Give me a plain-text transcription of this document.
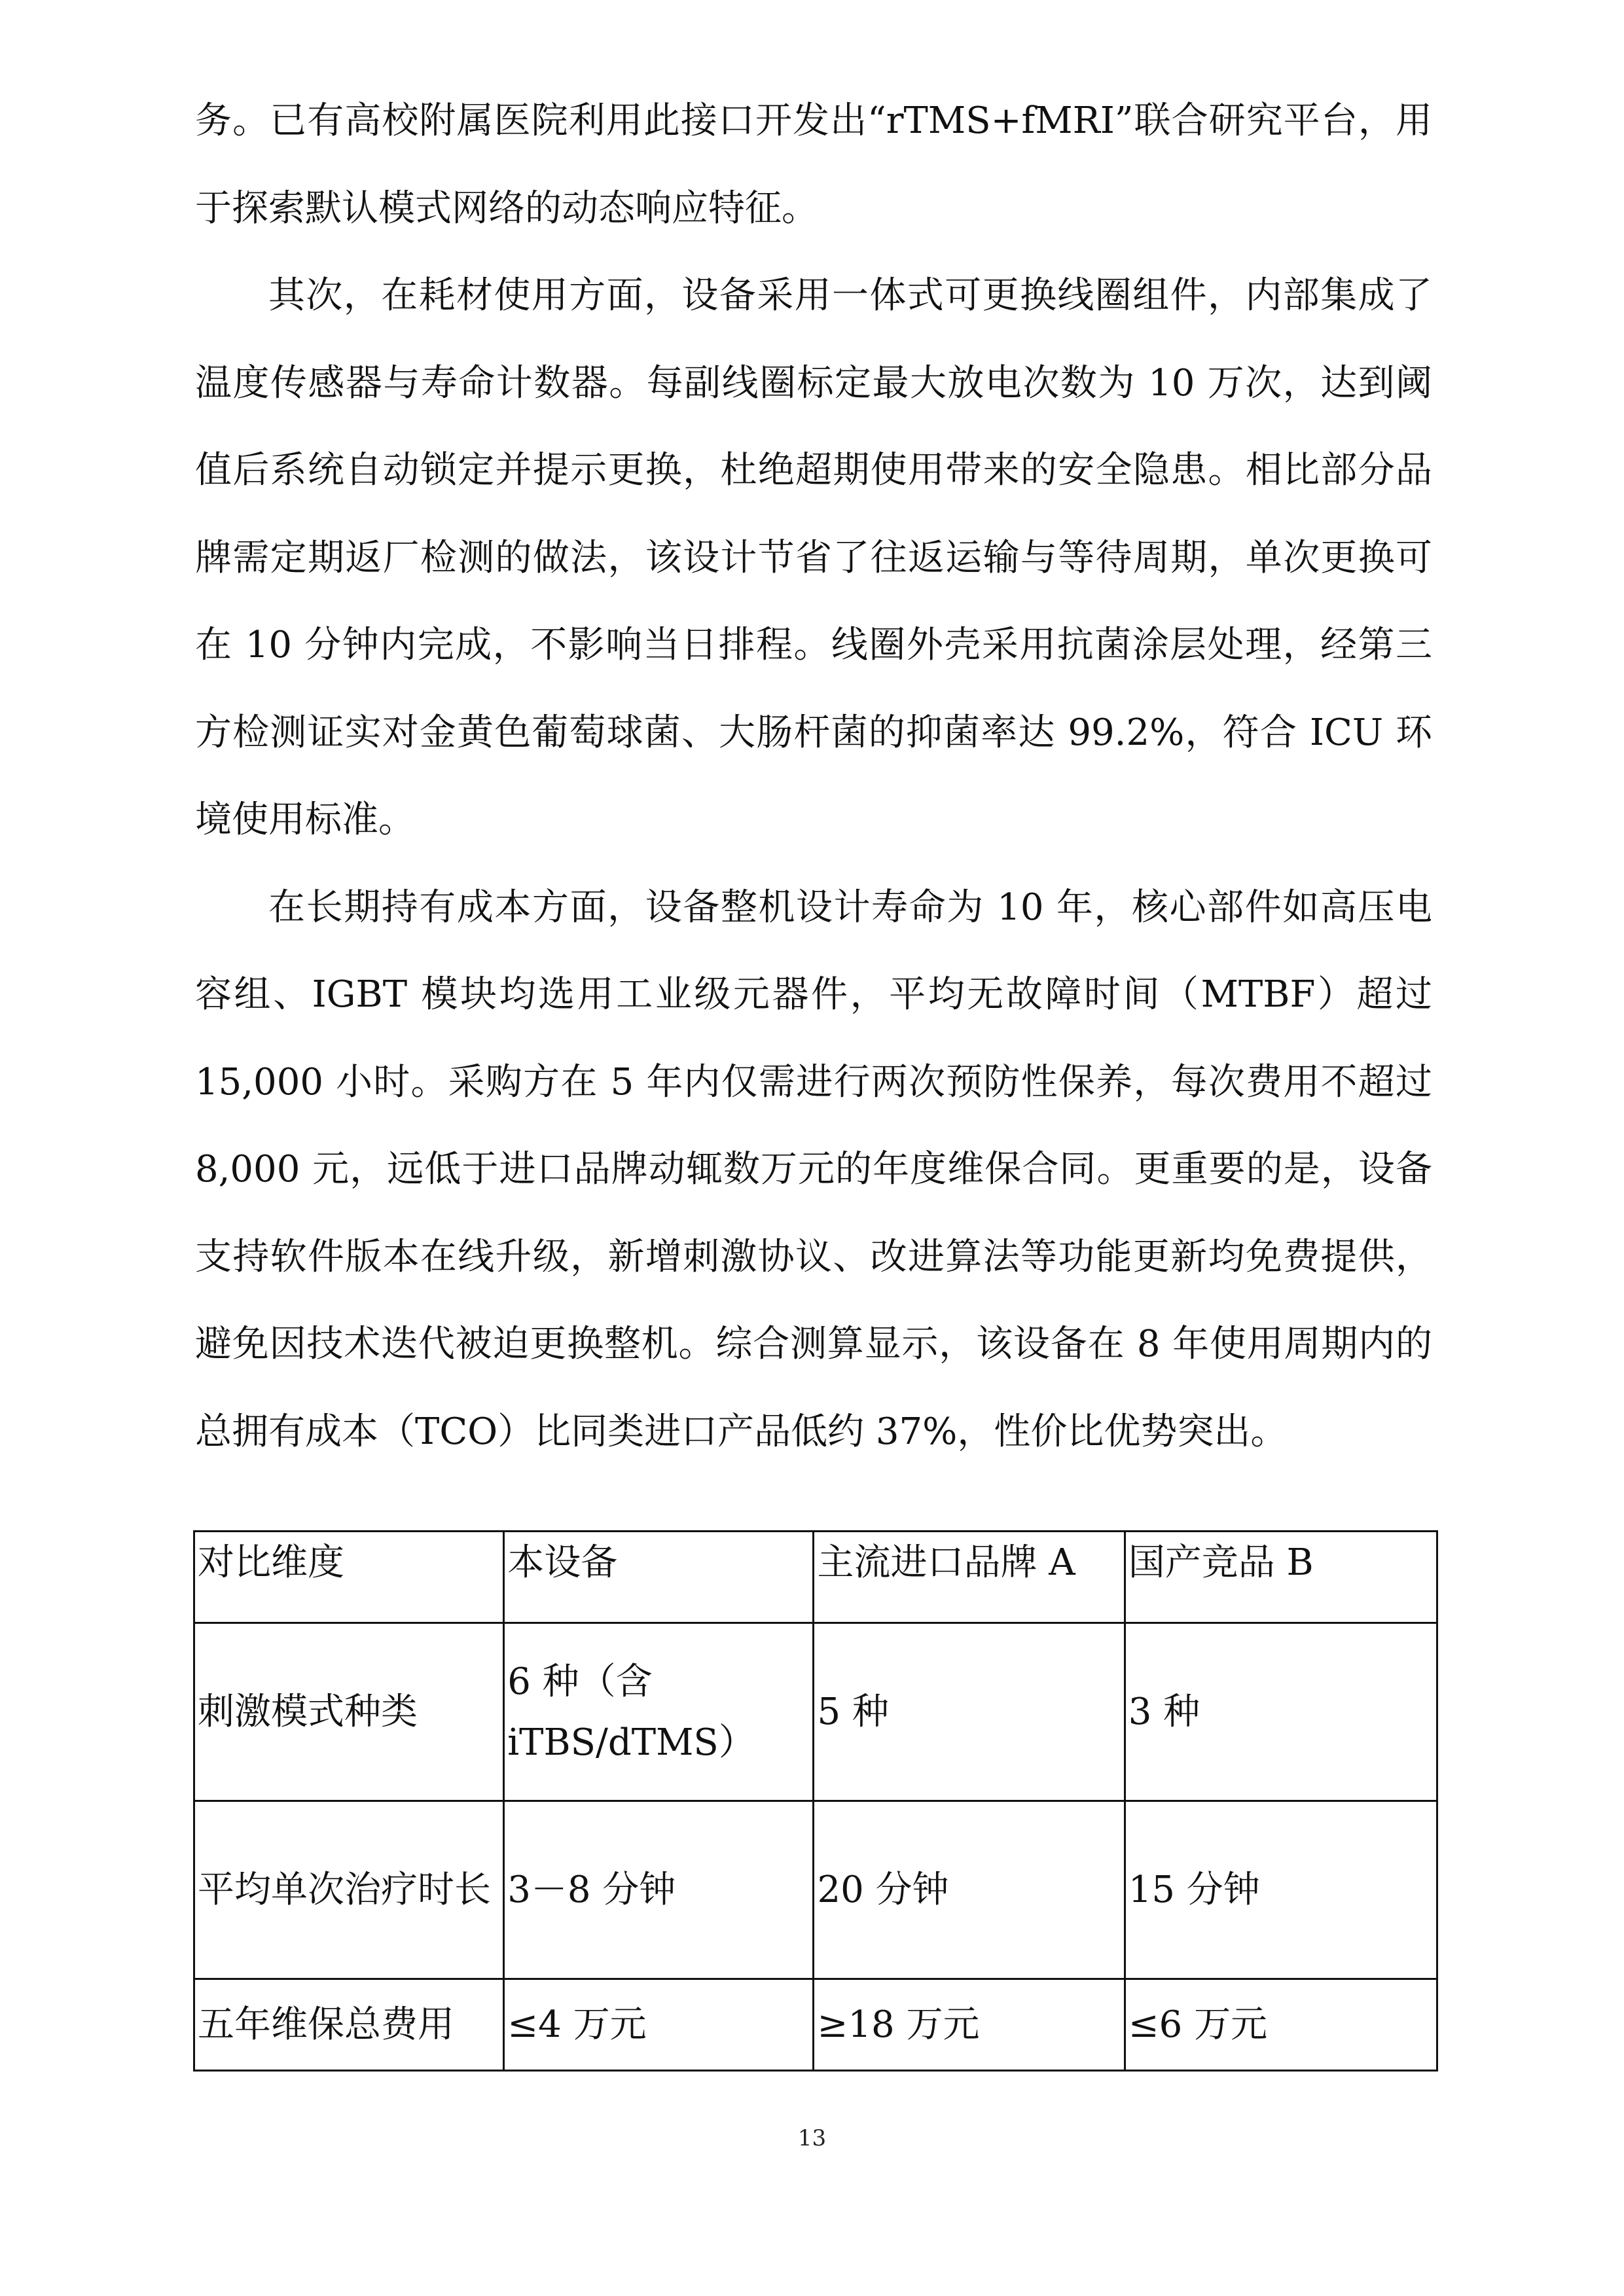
务。已有高校附属医院利用此接口开发出“rTMS+fMRI”联合研究平台，用于探索默认模式网络的动态响应特征。

其次，在耗材使用方面，设备采用一体式可更换线圈组件，内部集成了温度传感器与寿命计数器。每副线圈标定最大放电次数为 10 万次，达到阈值后系统自动锁定并提示更换，杜绝超期使用带来的安全隐患。相比部分品牌需定期返厂检测的做法，该设计节省了往返运输与等待周期，单次更换可在 10 分钟内完成，不影响当日排程。线圈外壳采用抗菌涂层处理，经第三方检测证实对金黄色葡萄球菌、大肠杆菌的抑菌率达 99.2%，符合 ICU 环境使用标准。

在长期持有成本方面，设备整机设计寿命为 10 年，核心部件如高压电容组、IGBT 模块均选用工业级元器件，平均无故障时间（MTBF）超过 15,000 小时。采购方在 5 年内仅需进行两次预防性保养，每次费用不超过 8,000 元，远低于进口品牌动辄数万元的年度维保合同。更重要的是，设备支持软件版本在线升级，新增刺激协议、改进算法等功能更新均免费提供，避免因技术迭代被迫更换整机。综合测算显示，该设备在 8 年使用周期内的总拥有成本（TCO）比同类进口产品低约 37%，性价比优势突出。

对比维度	本设备	主流进口品牌 A	国产竞品 B
刺激模式种类	6 种（含 iTBS/dTMS）	5 种	3 种
平均单次治疗时长	3－8 分钟	20 分钟	15 分钟
五年维保总费用	≤4 万元	≥18 万元	≤6 万元
13
